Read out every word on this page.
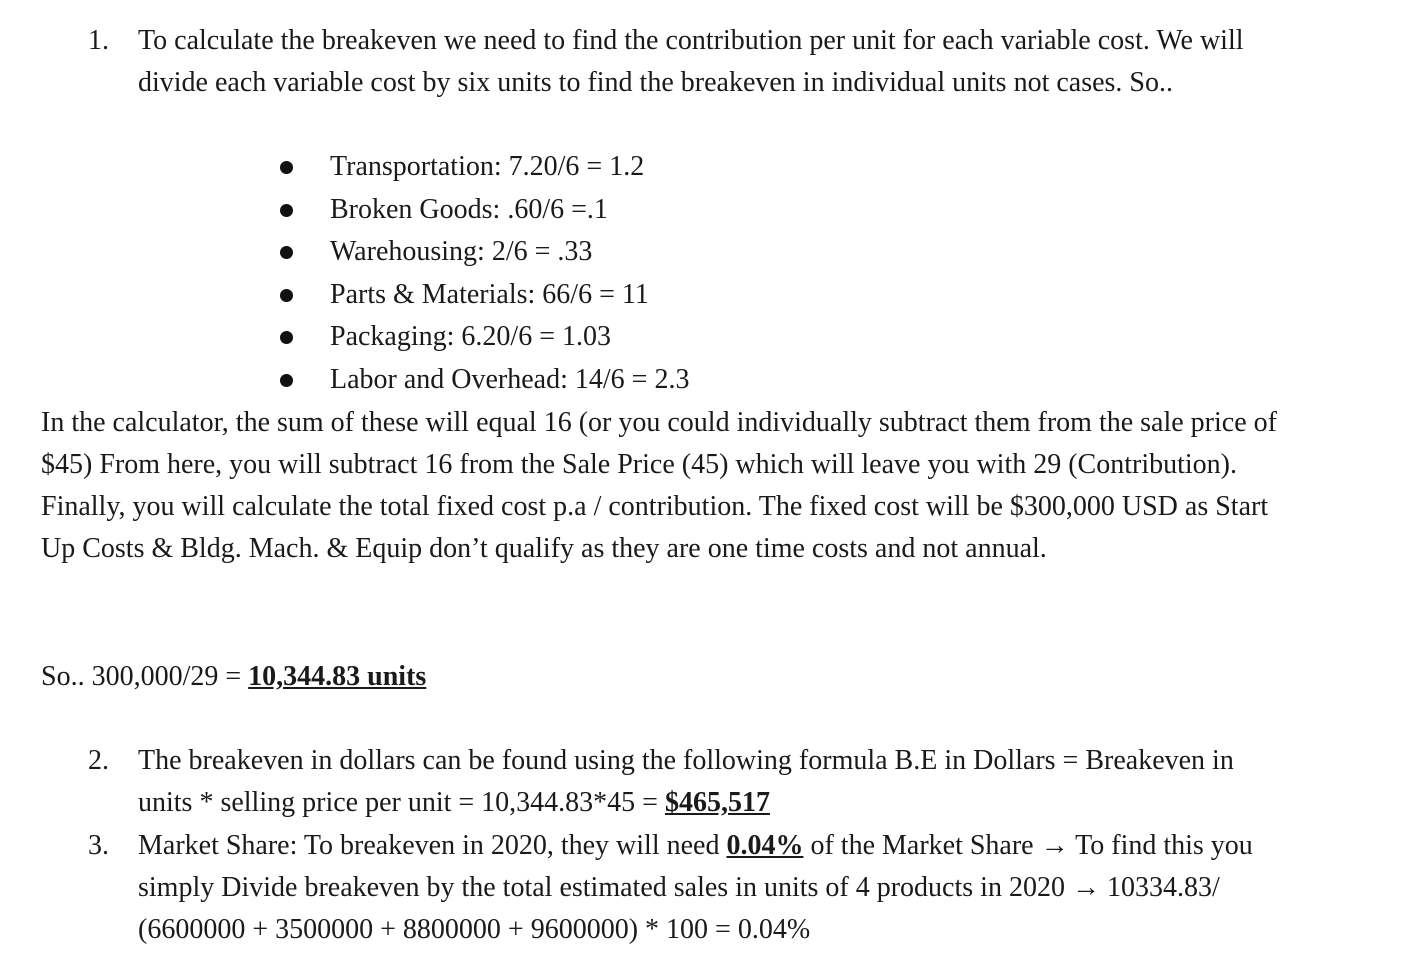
1.	To calculate the breakeven we need to find the contribution per unit for each variable cost. We will divide each variable cost by six units to find the breakeven in individual units not cases. So..
Transportation: 7.20/6 = 1.2
Broken Goods: .60/6 =.1
Warehousing: 2/6 = .33
Parts & Materials: 66/6 = 11
Packaging: 6.20/6 = 1.03
Labor and Overhead: 14/6 = 2.3
In the calculator, the sum of these will equal 16 (or you could individually subtract them from the sale price of $45) From here, you will subtract 16 from the Sale Price (45) which will leave you with 29 (Contribution). Finally, you will calculate the total fixed cost p.a / contribution. The fixed cost will be $300,000 USD as Start Up Costs & Bldg. Mach. & Equip don’t qualify as they are one time costs and not annual.
So.. 300,000/29 = 10,344.83 units
2.	The breakeven in dollars can be found using the following formula B.E in Dollars = Breakeven in units * selling price per unit = 10,344.83*45 = $465,517
3.	Market Share: To breakeven in 2020, they will need 0.04% of the Market Share → To find this you simply Divide breakeven by the total estimated sales in units of 4 products in 2020 → 10334.83/ (6600000 + 3500000 + 8800000 + 9600000) * 100 = 0.04%
